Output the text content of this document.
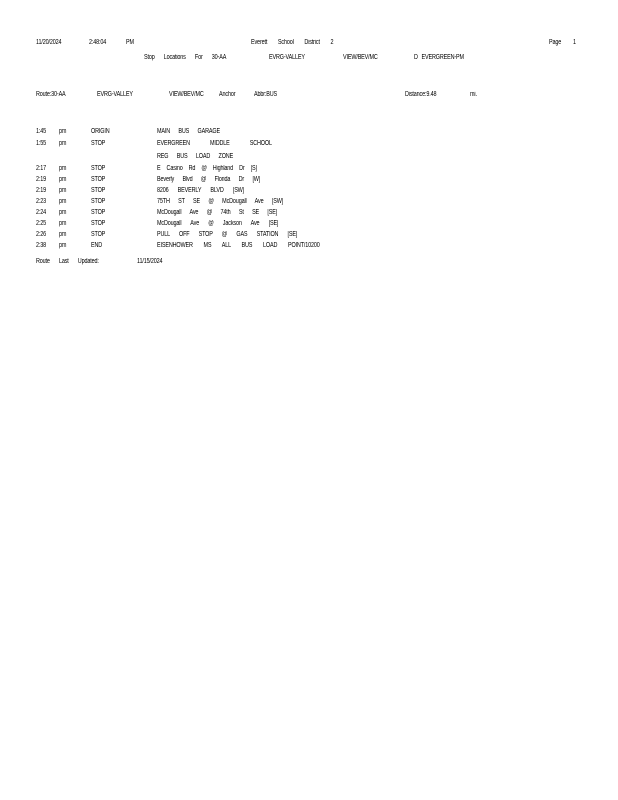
11/20/2024	2:48:04	PM	Everett School District 2	Page 1
Stop Locations For 30-AA	EVRG-VALLEY	VIEW/BEV/MC	D EVERGREEN-PM
Route:30-AA	EVRG-VALLEY	VIEW/BEV/MC Anchor	Abbr:BUS	Distance:9.48	mi.
1:45 pm	ORIGIN	MAIN BUS GARAGE
1:55 pm	STOP	EVERGREEN MIDDLE SCHOOL
REG BUS LOAD ZONE
2:17 pm	STOP	E Casino Rd @ Highland Dr [S]
2:19 pm	STOP	Beverly Blvd @ Florida Dr [W]
2:19 pm	STOP	8206 BEVERLY BLVD [SW]
2:23 pm	STOP	75TH ST SE @ McDougall Ave [SW]
2:24 pm	STOP	McDougall Ave @ 74th St SE [SE]
2:25 pm	STOP	McDougall Ave @ Jackson Ave [SE]
2:26 pm	STOP	PULL OFF STOP @ GAS STATION [SE]
2:38 pm	END	EISENHOWER MS ALL BUS LOAD POINT/10200
Route Last Updated:	11/15/2024
